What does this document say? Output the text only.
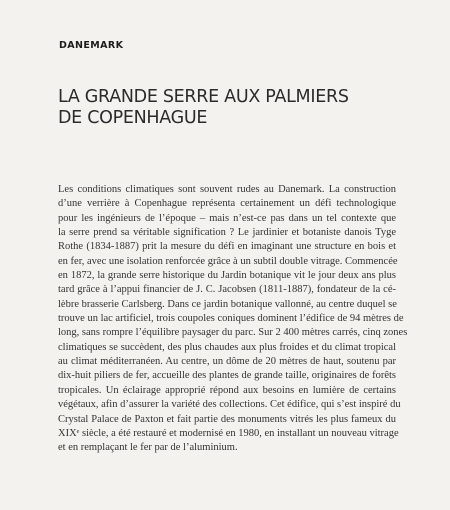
DANEMARK
LA GRANDE SERRE AUX PALMIERS
DE COPENHAGUE
Les conditions climatiques sont souvent rudes au Danemark. La construction
d’une verrière à Copenhague représenta certainement un défi technologique
pour les ingénieurs de l’époque – mais n’est-ce pas dans un tel contexte que
la serre prend sa véritable signification ? Le jardinier et botaniste danois Tyge
Rothe (1834-1887) prit la mesure du défi en imaginant une structure en bois et
en fer, avec une isolation renforcée grâce à un subtil double vitrage. Commencée
en 1872, la grande serre historique du Jardin botanique vit le jour deux ans plus
tard grâce à l’appui financier de J. C. Jacobsen (1811-1887), fondateur de la cé-
lèbre brasserie Carlsberg. Dans ce jardin botanique vallonné, au centre duquel se
trouve un lac artificiel, trois coupoles coniques dominent l’édifice de 94 mètres de
long, sans rompre l’équilibre paysager du parc. Sur 2 400 mètres carrés, cinq zones
climatiques se succèdent, des plus chaudes aux plus froides et du climat tropical
au climat méditerranéen. Au centre, un dôme de 20 mètres de haut, soutenu par
dix-huit piliers de fer, accueille des plantes de grande taille, originaires de forêts
tropicales. Un éclairage approprié répond aux besoins en lumière de certains
végétaux, afin d’assurer la variété des collections. Cet édifice, qui s’est inspiré du
Crystal Palace de Paxton et fait partie des monuments vitrés les plus fameux du
XIXᵉ siècle, a été restauré et modernisé en 1980, en installant un nouveau vitrage
et en remplaçant le fer par de l’aluminium.
